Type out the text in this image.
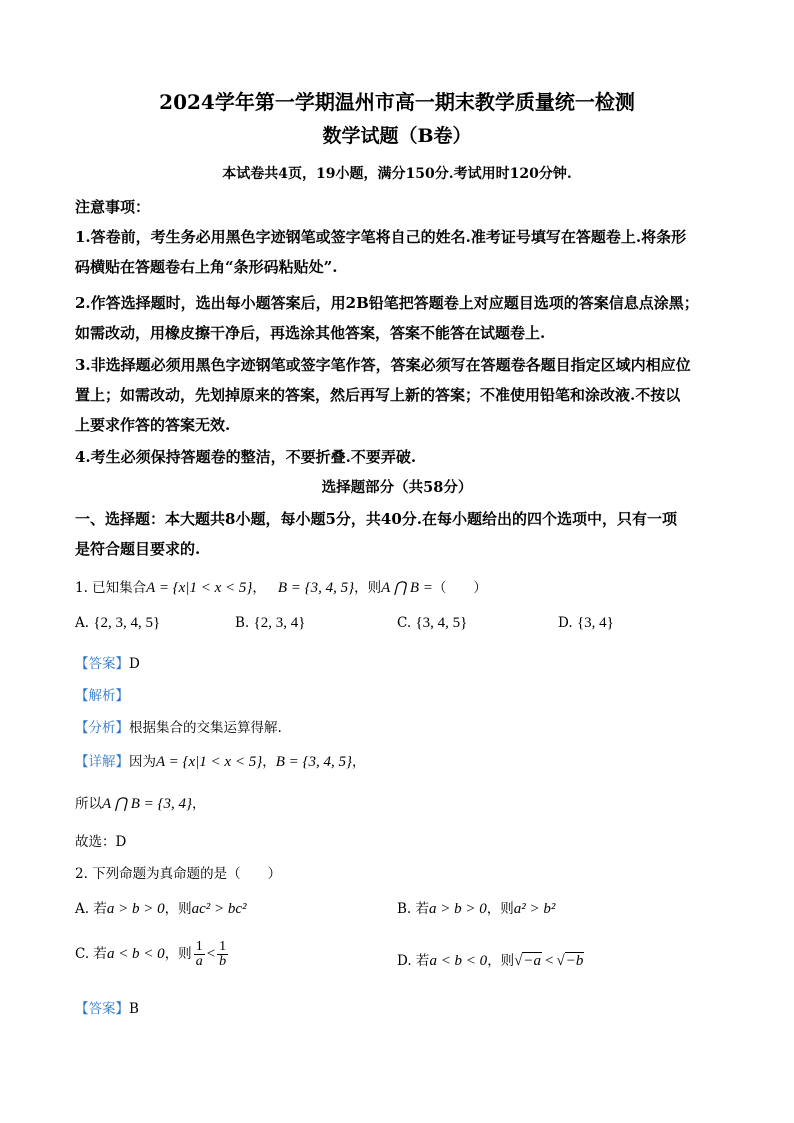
2024学年第一学期温州市高一期末教学质量统一检测
数学试题（B卷）
本试卷共4页，19小题，满分150分.考试用时120分钟.
注意事项：
1.答卷前，考生务必用黑色字迹钢笔或签字笔将自己的姓名.准考证号填写在答题卷上.将条形
码横贴在答题卷右上角“条形码粘贴处”.
2.作答选择题时，选出每小题答案后，用2B铅笔把答题卷上对应题目选项的答案信息点涂黑；
如需改动，用橡皮擦干净后，再选涂其他答案，答案不能答在试题卷上.
3.非选择题必须用黑色字迹钢笔或签字笔作答，答案必须写在答题卷各题目指定区域内相应位
置上；如需改动，先划掉原来的答案，然后再写上新的答案；不准使用铅笔和涂改液.不按以
上要求作答的答案无效.
4.考生必须保持答题卷的整洁，不要折叠.不要弄破.
选择题部分（共58分）
一、选择题：本大题共8小题，每小题5分，共40分.在每小题给出的四个选项中，只有一项
是符合题目要求的.
1. 已知集合A = {x|1 < x < 5}， B = {3, 4, 5}，则A ⋂ B =（　　）
A. {2, 3, 4, 5}	B. {2, 3, 4}	C. {3, 4, 5}	D. {3, 4}
【答案】D
【解析】
【分析】根据集合的交集运算得解.
【详解】因为A = {x|1 < x < 5}，B = {3, 4, 5}，
所以A ⋂ B = {3, 4}，
故选：D
2. 下列命题为真命题的是（　　）
A. 若a > b > 0，则ac² > bc²	B. 若a > b > 0，则a² > b²
C. 若a < b < 0，则 $\frac{1}{a} < \frac{1}{b}$	D. 若a < b < 0，则√−a < √−b
【答案】B
